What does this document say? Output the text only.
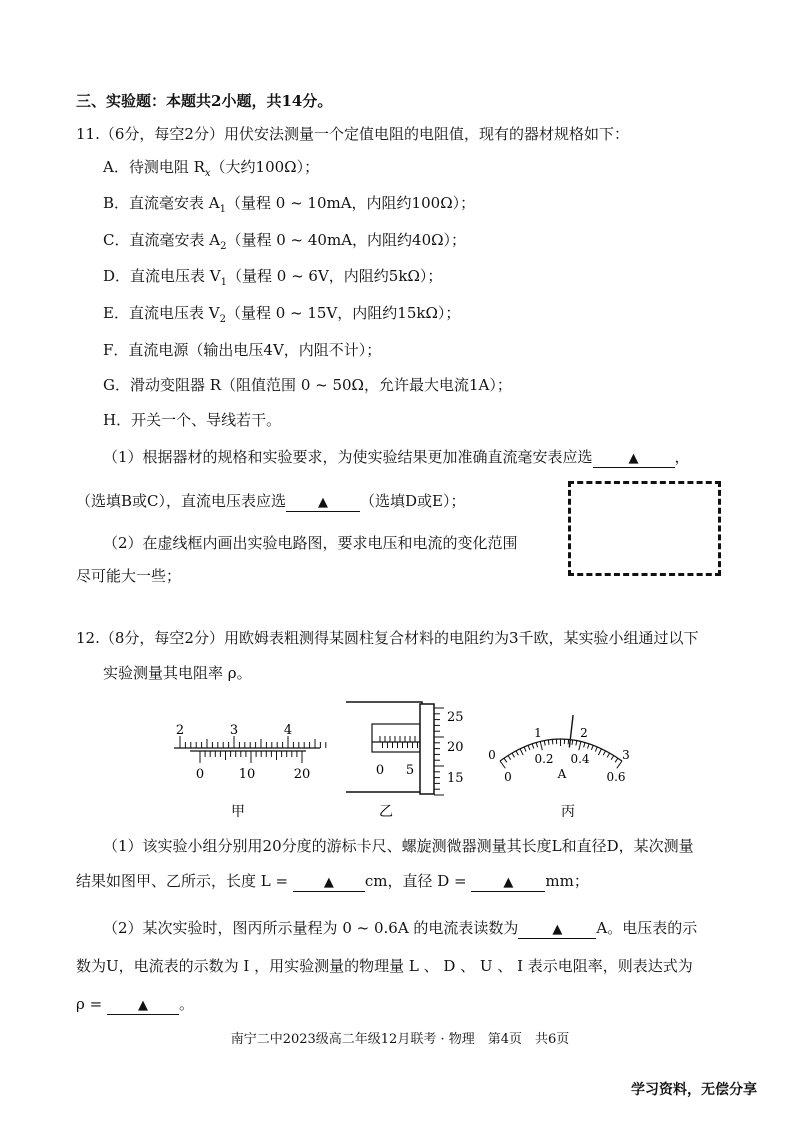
三、实验题：本题共2小题，共14分。
11.（6分，每空2分）用伏安法测量一个定值电阻的电阻值，现有的器材规格如下：
A．待测电阻 $R_x$（大约100Ω）；
B．直流毫安表 $A_1$（量程 0 ~ 10mA，内阻约100Ω）；
C．直流毫安表 $A_2$（量程 0 ~ 40mA，内阻约40Ω）；
D．直流电压表 $V_1$（量程 0 ~ 6V，内阻约5kΩ）；
E．直流电压表 $V_2$（量程 0 ~ 15V，内阻约15kΩ）；
F．直流电源（输出电压4V，内阻不计）；
G．滑动变阻器 R（阻值范围 0 ~ 50Ω，允许最大电流1A）；
H．开关一个、导线若干。
（1）根据器材的规格和实验要求，为使实验结果更加准确直流毫安表应选	▲ ，
（选填B或C），直流电压表应选 ▲ （选填D或E）；
（2）在虚线框内画出实验电路图，要求电压和电流的变化范围
尽可能大一些；
12.（8分，每空2分）用欧姆表粗测得某圆柱复合材料的电阻约为3千欧，某实验小组通过以下
实验测量其电阻率 ρ。
2	3	4
0	10	20
甲
0 5
25
20
15
乙
0
1	2
3
0
0.2 0.4
0.6
A
丙
（1）该实验小组分别用20分度的游标卡尺、螺旋测微器测量其长度L和直径D，某次测量
结果如图甲、乙所示，长度 L =	▲ cm，直径 D =	▲ mm；
（2）某次实验时，图丙所示量程为 0 ~ 0.6A 的电流表读数为	▲ A。电压表的示
数为U，电流表的示数为 I ，用实验测量的物理量 L 、 D 、 U 、 I 表示电阻率，则表达式为
ρ =	▲ 。
南宁二中2023级高二年级12月联考 · 物理　第4页　共6页
学习资料，无偿分享
